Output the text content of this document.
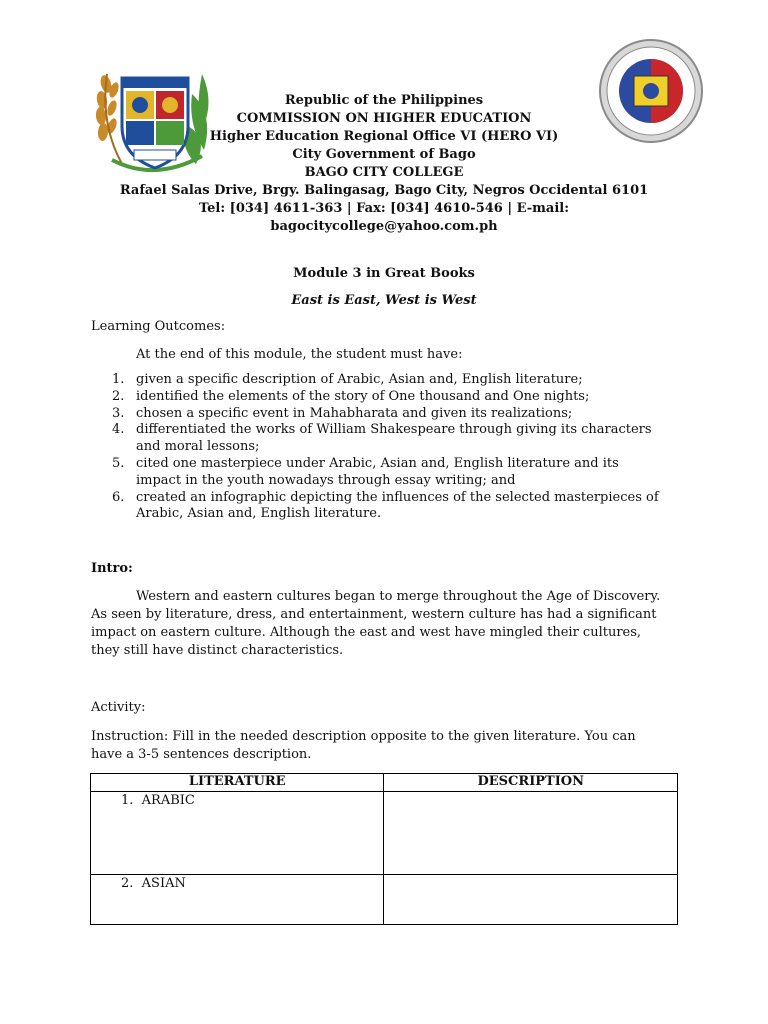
Republic of the Philippines
COMMISSION ON HIGHER EDUCATION
Higher Education Regional Office VI (HERO VI)
City Government of Bago
BAGO CITY COLLEGE
Rafael Salas Drive, Brgy. Balingasag, Bago City, Negros Occidental 6101
Tel: [034] 4611-363 | Fax: [034] 4610-546 | E-mail:
bagocitycollege@yahoo.com.ph
Module 3 in Great Books
East is East, West is West
Learning Outcomes:
At the end of this module, the student must have:
1. given a specific description of Arabic, Asian and, English literature;
2. identified the elements of the story of One thousand and One nights;
3. chosen a specific event in Mahabharata and given its realizations;
4. differentiated the works of William Shakespeare through giving its characters
and moral lessons;
5. cited one masterpiece under Arabic, Asian and, English literature and its
impact in the youth nowadays through essay writing; and
6. created an infographic depicting the influences of the selected masterpieces of
Arabic, Asian and, English literature.
Intro:
Western and eastern cultures began to merge throughout the Age of Discovery.
As seen by literature, dress, and entertainment, western culture has had a significant
impact on eastern culture. Although the east and west have mingled their cultures,
they still have distinct characteristics.
Activity:
Instruction: Fill in the needed description opposite to the given literature. You can
have a 3-5 sentences description.
LITERATURE	DESCRIPTION

1. ARABIC	

2. ASIAN	
